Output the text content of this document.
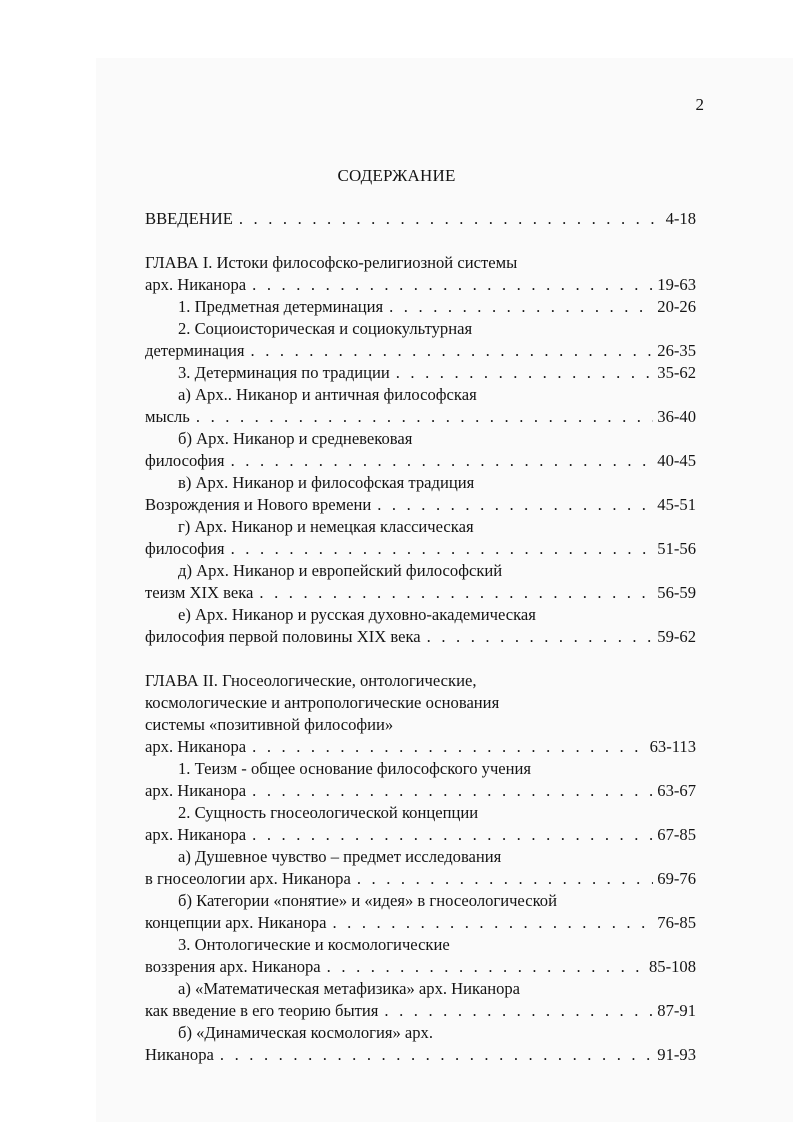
2
СОДЕРЖАНИЕ
ВВЕДЕНИЕ . . .	4-18
ГЛАВА I. Истоки философско-религиозной системы
арх. Никанора . . .	19-63
1. Предметная детерминация . . .	20-26
2. Социоисторическая и социокультурная
детерминация . . .	26-35
3. Детерминация по традиции . . .	35-62
а) Арх.. Никанор и античная философская
мысль . . .	36-40
б) Арх. Никанор и средневековая
философия . . .	40-45
в) Арх. Никанор и философская традиция
Возрождения и Нового времени . . .	45-51
г) Арх. Никанор и немецкая классическая
философия . . .	51-56
д) Арх. Никанор и европейский философский
теизм XIX века . . .	56-59
е) Арх. Никанор и русская духовно-академическая
философия первой половины XIX века . . .	59-62
ГЛАВА II. Гносеологические, онтологические,
космологические и антропологические основания
системы «позитивной философии»
арх. Никанора . . .	63-113
1. Теизм - общее основание философского учения
арх. Никанора . . .	63-67
2. Сущность гносеологической концепции
арх. Никанора . . .	67-85
а) Душевное чувство – предмет исследования
в гносеологии арх. Никанора . . .	69-76
б) Категории «понятие» и «идея» в гносеологической
концепции арх. Никанора . . .	76-85
3. Онтологические и космологические
воззрения арх. Никанора . . .	85-108
а) «Математическая метафизика» арх. Никанора
как введение в его теорию бытия . . .	87-91
б) «Динамическая космология» арх.
Никанора . . .	91-93
